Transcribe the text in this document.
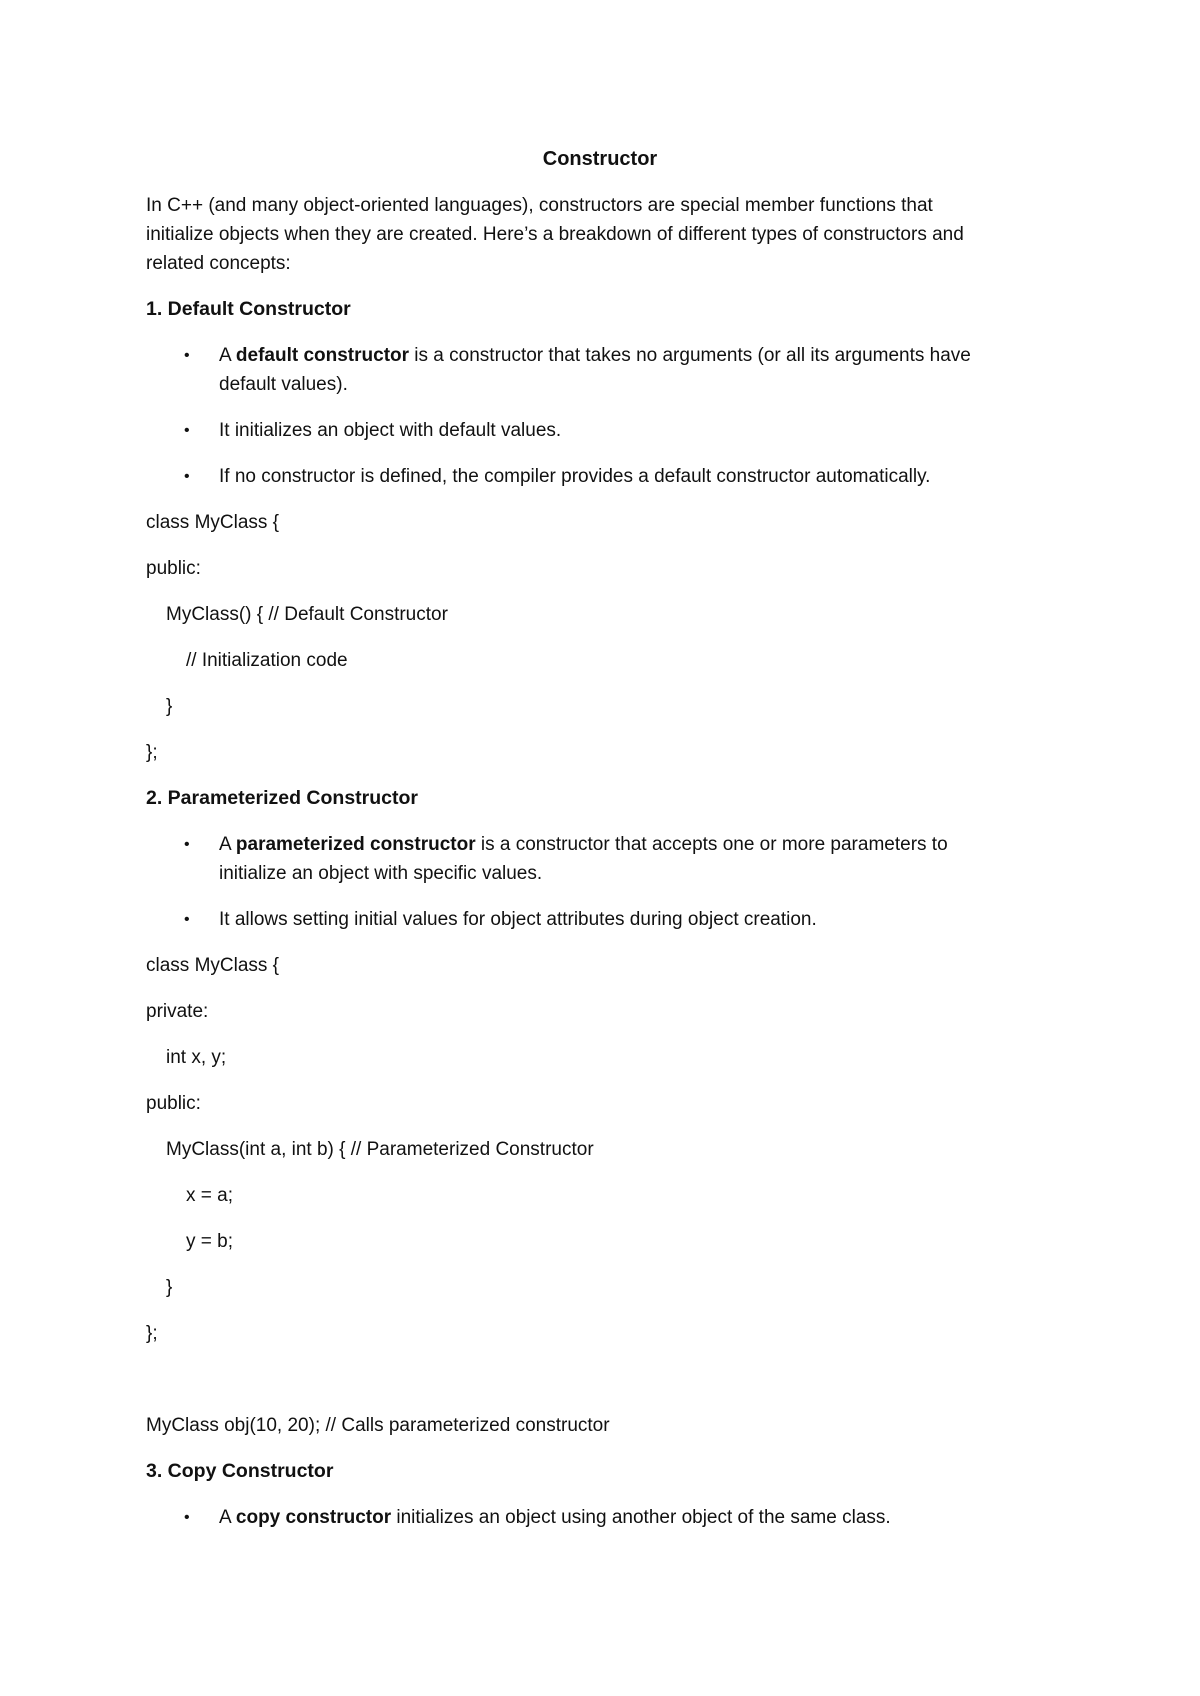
Constructor
In C++ (and many object-oriented languages), constructors are special member functions that
initialize objects when they are created. Here’s a breakdown of different types of constructors and
related concepts:
1. Default Constructor
• A default constructor is a constructor that takes no arguments (or all its arguments have
default values).
• It initializes an object with default values.
• If no constructor is defined, the compiler provides a default constructor automatically.
class MyClass {
public:
MyClass() { // Default Constructor
// Initialization code
}
};
2. Parameterized Constructor
• A parameterized constructor is a constructor that accepts one or more parameters to
initialize an object with specific values.
• It allows setting initial values for object attributes during object creation.
class MyClass {
private:
int x, y;
public:
MyClass(int a, int b) { // Parameterized Constructor
x = a;
y = b;
}
};
MyClass obj(10, 20); // Calls parameterized constructor
3. Copy Constructor
• A copy constructor initializes an object using another object of the same class.
